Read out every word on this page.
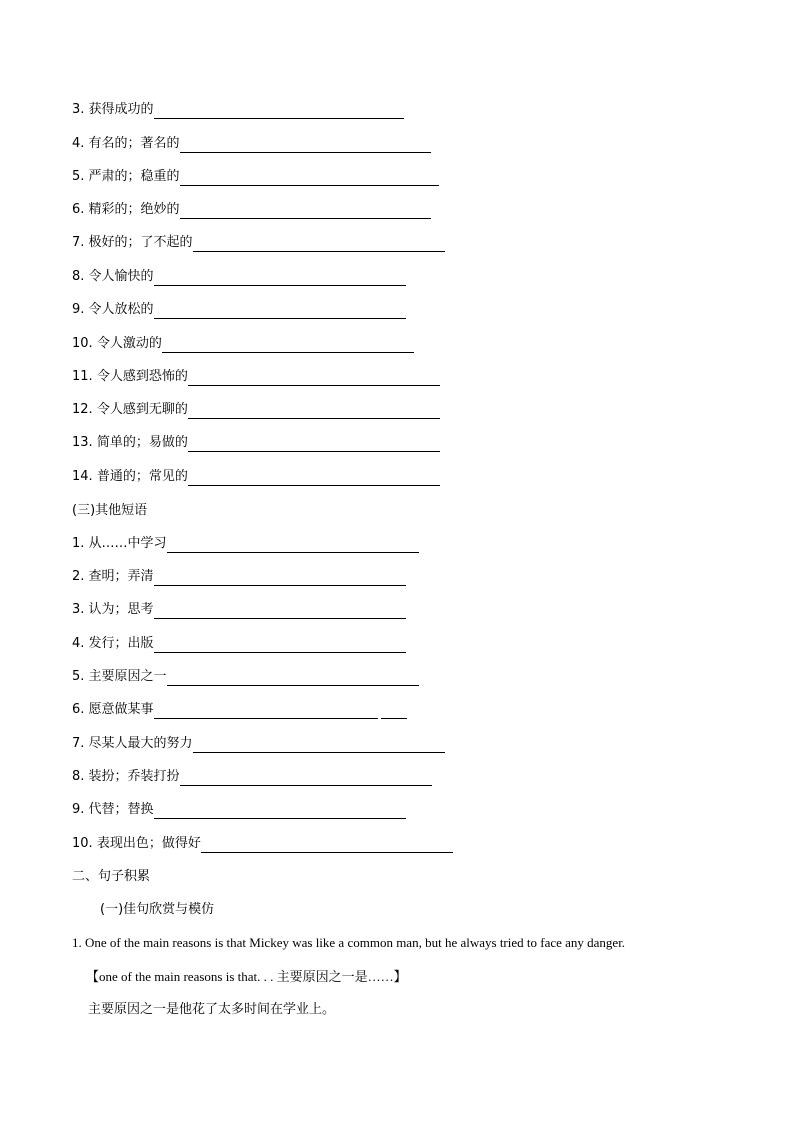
3.
获得成功的
4.
有名的；著名的
5.
严肃的；稳重的
6.
精彩的；绝妙的
7.
极好的；了不起的
8.
令人愉快的
9.
令人放松的
10.
令人激动的
11.
令人感到恐怖的
12.
令人感到无聊的
13.
简单的；易做的
14.
普通的；常见的
(三)其他短语
1.
从……中学习
2.
查明；弄清
3.
认为；思考
4.
发行；出版
5.
主要原因之一
6.
愿意做某事
7.
尽某人最大的努力
8.
装扮；乔装打扮
9.
代替；替换
10.
表现出色；做得好
二、句子积累
(一)佳句欣赏与模仿
1. One of the main reasons is that Mickey was like a common man, but he always tried to face any danger.
【one of the main reasons is that. . . 主要原因之一是……】
主要原因之一是他花了太多时间在学业上。
